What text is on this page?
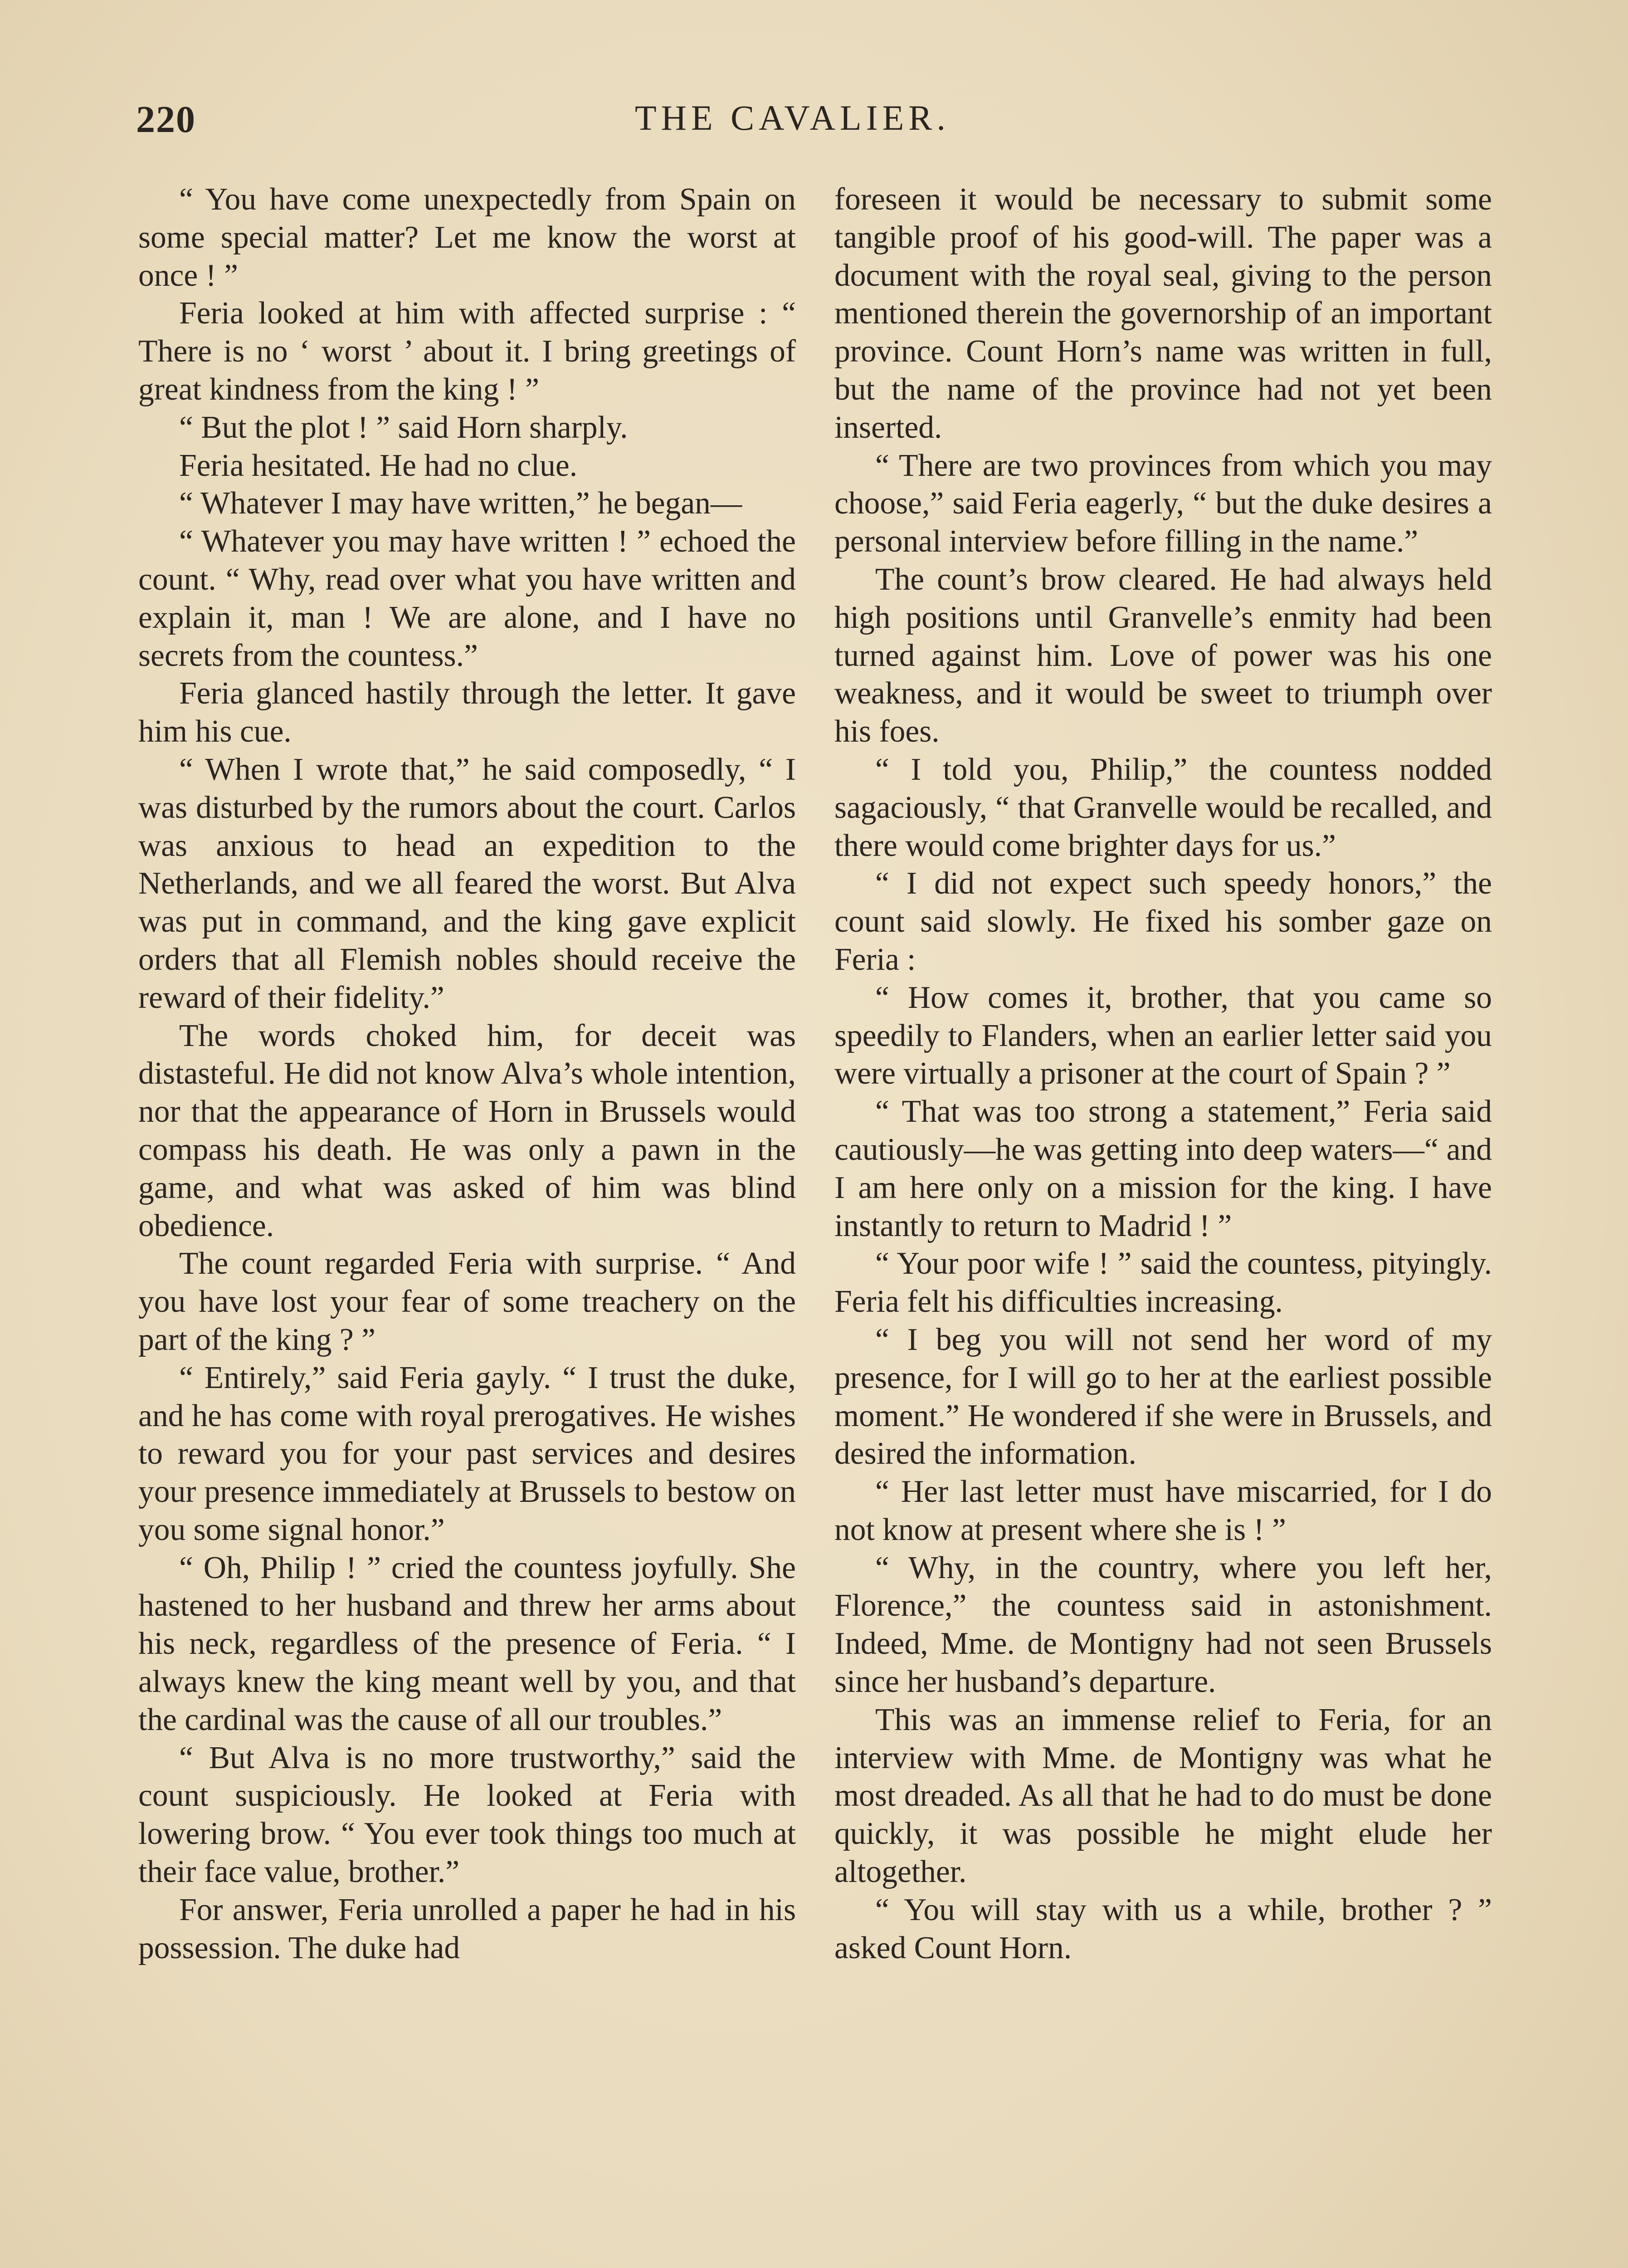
220	THE CAVALIER.

“ You have come unexpectedly from Spain on some special matter? Let me know the worst at once ! ”

Feria looked at him with affected surprise : “ There is no ‘ worst ’ about it. I bring greetings of great kindness from the king ! ”

“ But the plot ! ” said Horn sharply.

Feria hesitated. He had no clue.

“ Whatever I may have written,” he began—

“ Whatever you may have written ! ” echoed the count. “ Why, read over what you have written and explain it, man ! We are alone, and I have no secrets from the countess.”

Feria glanced hastily through the letter. It gave him his cue.

“ When I wrote that,” he said composedly, “ I was disturbed by the rumors about the court. Carlos was anxious to head an expedition to the Netherlands, and we all feared the worst. But Alva was put in command, and the king gave explicit orders that all Flemish nobles should receive the reward of their fidelity.”

The words choked him, for deceit was distasteful. He did not know Alva’s whole intention, nor that the appearance of Horn in Brussels would compass his death. He was only a pawn in the game, and what was asked of him was blind obedience.

The count regarded Feria with surprise. “ And you have lost your fear of some treachery on the part of the king ? ”

“ Entirely,” said Feria gayly. “ I trust the duke, and he has come with royal prerogatives. He wishes to reward you for your past services and desires your presence immediately at Brussels to bestow on you some signal honor.”

“ Oh, Philip ! ” cried the countess joyfully. She hastened to her husband and threw her arms about his neck, regardless of the presence of Feria. “ I always knew the king meant well by you, and that the cardinal was the cause of all our troubles.”

“ But Alva is no more trustworthy,” said the count suspiciously. He looked at Feria with lowering brow. “ You ever took things too much at their face value, brother.”

For answer, Feria unrolled a paper he had in his possession. The duke had

foreseen it would be necessary to submit some tangible proof of his good-will. The paper was a document with the royal seal, giving to the person mentioned therein the governorship of an important province. Count Horn’s name was written in full, but the name of the province had not yet been inserted.

“ There are two provinces from which you may choose,” said Feria eagerly, “ but the duke desires a personal interview before filling in the name.”

The count’s brow cleared. He had always held high positions until Granvelle’s enmity had been turned against him. Love of power was his one weakness, and it would be sweet to triumph over his foes.

“ I told you, Philip,” the countess nodded sagaciously, “ that Granvelle would be recalled, and there would come brighter days for us.”

“ I did not expect such speedy honors,” the count said slowly. He fixed his somber gaze on Feria :

“ How comes it, brother, that you came so speedily to Flanders, when an earlier letter said you were virtually a prisoner at the court of Spain ? ”

“ That was too strong a statement,” Feria said cautiously—he was getting into deep waters—“ and I am here only on a mission for the king. I have instantly to return to Madrid ! ”

“ Your poor wife ! ” said the countess, pityingly. Feria felt his difficulties increasing.

“ I beg you will not send her word of my presence, for I will go to her at the earliest possible moment.” He wondered if she were in Brussels, and desired the information.

“ Her last letter must have miscarried, for I do not know at present where she is ! ”

“ Why, in the country, where you left her, Florence,” the countess said in astonishment. Indeed, Mme. de Montigny had not seen Brussels since her husband’s departure.

This was an immense relief to Feria, for an interview with Mme. de Montigny was what he most dreaded. As all that he had to do must be done quickly, it was possible he might elude her altogether.

“ You will stay with us a while, brother ? ” asked Count Horn.
